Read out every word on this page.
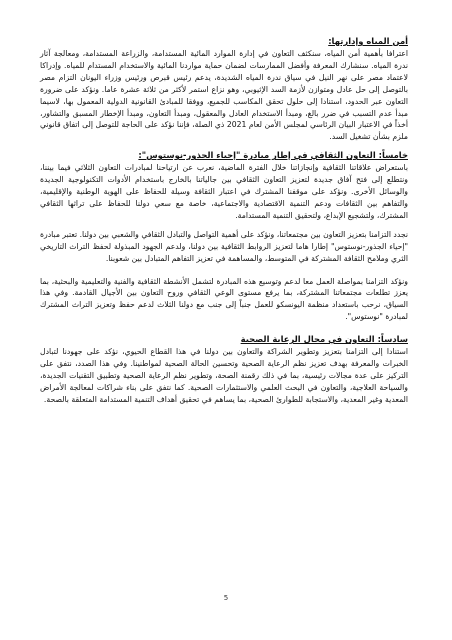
أمن المياه وإدارتها:

اعترافا بأهمية أمن المياه، سنكثف التعاون في إدارة الموارد المائية المستدامة، والزراعة المستدامة، ومعالجة آثار ندرة المياه. سنشارك المعرفة وأفضل الممارسات لضمان حماية مواردنا المائية والاستخدام المستدام للمياه. وإدراكا لاعتماد مصر على نهر النيل في سياق ندرة المياه الشديدة، يدعم رئيس قبرص ورئيس وزراء اليونان التزام مصر بالتوصل إلى حل عادل ومتوازن لأزمة السد الإثيوبي، وهو نزاع استمر لأكثر من ثلاثة عشرة عاما. ونؤكد على ضرورة التعاون عبر الحدود، استنادا إلى حلول تحقق المكاسب للجميع، ووفقا للمبادئ القانونية الدولية المعمول بها، لاسيما مبدأ عدم التسبب في ضرر بالغ، ومبدأ الاستخدام العادل والمعقول، ومبدأ التعاون، ومبدأ الإخطار المسبق والتشاور، أخذاً في الاعتبار البيان الرئاسي لمجلس الأمن لعام 2021 ذي الصلة، فإننا نؤكد على الحاجة للتوصل إلى اتفاق قانوني ملزم بشأن تشغيل السد.

خامساً: التعاون الثقافي في إطار مبادرة "إحياء الجذور-نوستوس":

باستعراض علاقاتنا الثقافية وإنجازاتنا خلال الفترة الماضية، نعرب عن ارتياحنا لمبادرات التعاون الثلاثي فيما بيننا، ونتطلع إلى فتح آفاق جديدة لتعزيز التعاون الثقافي بين جالياتنا بالخارج باستخدام الأدوات التكنولوجية الجديدة والوسائل الأخرى. ونؤكد على موقفنا المشترك في اعتبار الثقافة وسيلة للحفاظ على الهوية الوطنية والإقليمية، والتفاهم بين الثقافات ودعم التنمية الاقتصادية والاجتماعية، خاصة مع سعي دولنا للحفاظ على تراثها الثقافي المشترك، ولتشجيع الإبداع، ولتحقيق التنمية المستدامة.

نجدد التزامنا بتعزيز التعاون بين مجتمعاتنا، ونؤكد على أهمية التواصل والتبادل الثقافي والشعبي بين دولنا. تعتبر مبادرة "إحياء الجذور-نوستوس" إطارا هاما لتعزيز الروابط الثقافية بين دولنا، ولدعم الجهود المبذولة لحفظ التراث التاريخي الثري وملامح الثقافة المشتركة في المتوسط، والمساهمة في تعزيز التفاهم المتبادل بين شعوبنا.

ونؤكد التزامنا بمواصلة العمل معا لدعم وتوسيع هذه المبادرة لتشمل الأنشطة الثقافية والفنية والتعليمية والبحثية، بما يعزز تطلعات مجتمعاتنا المشتركة، بما يرفع مستوى الوعي الثقافي وروح التعاون بين الأجيال القادمة. وفي هذا السياق، نرحب باستعداد منظمة اليونسكو للعمل جنباً إلى جنب مع دولنا الثلاث لدعم حفظ وتعزيز التراث المشترك لمبادرة "نوستوس".

سادساً: التعاون في مجال الرعاية الصحية

استنادا إلى التزامنا بتعزيز وتطوير الشراكة والتعاون بين دولنا في هذا القطاع الحيوي، نؤكد على جهودنا لتبادل الخبرات والمعرفة بهدف تعزيز نظم الرعاية الصحية وتحسين الحالة الصحية لمواطنينا. وفي هذا الصدد، نتفق على التركيز على عدة مجالات رئيسية، بما في ذلك رقمنة الصحة، وتطوير نظم الرعاية الصحية وتطبيق التقنيات الجديدة، والسياحة العلاجية، والتعاون في البحث العلمي والاستثمارات الصحية. كما نتفق على بناء شراكات لمعالجة الأمراض المعدية وغير المعدية، والاستجابة للطوارئ الصحية، بما يساهم في تحقيق أهداف التنمية المستدامة المتعلقة بالصحة.

5
